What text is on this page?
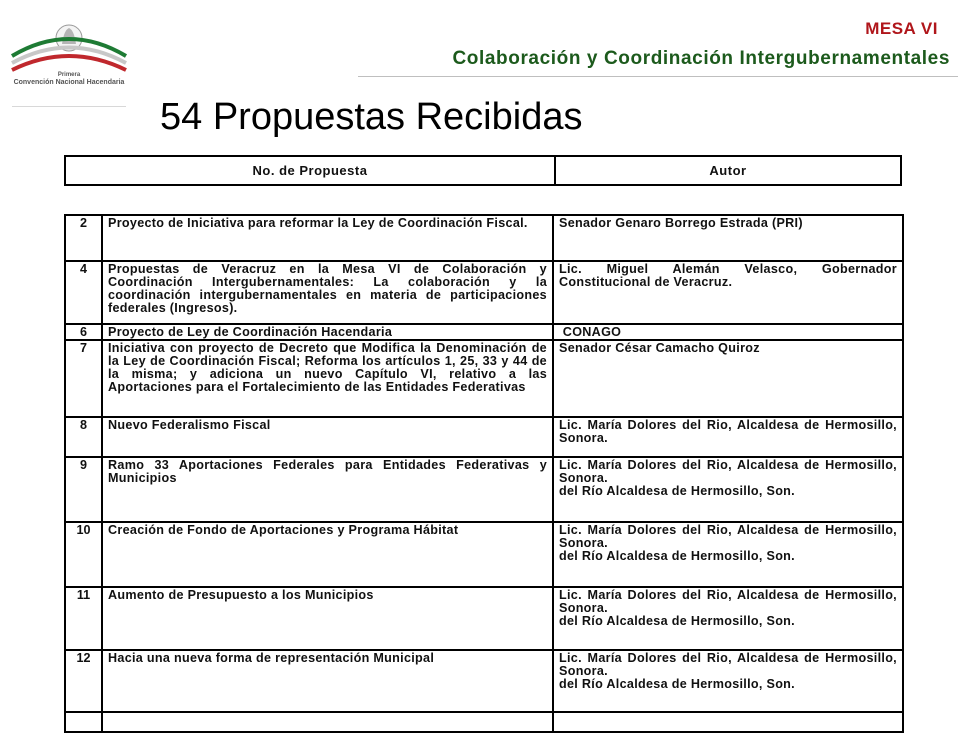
Primera
Convención Nacional Hacendaria
MESA VI
Colaboración y Coordinación Intergubernamentales
54 Propuestas Recibidas
No. de Propuesta	Autor
2	Proyecto de Iniciativa para reformar la Ley de Coordinación Fiscal.	Senador Genaro Borrego Estrada (PRI)

4	Propuestas de Veracruz en la Mesa VI de Colaboración y Coordinación Intergubernamentales: La colaboración y la coordinación intergubernamentales en materia de participaciones federales (Ingresos).	Lic. Miguel Alemán Velasco, Gobernador Constitucional de Veracruz.

6	Proyecto de Ley de Coordinación Hacendaria	CONAGO

7	Iniciativa con proyecto de Decreto que Modifica la Denominación de la Ley de Coordinación Fiscal; Reforma los artículos 1, 25, 33 y 44 de la misma; y adiciona un nuevo Capítulo VI, relativo a las Aportaciones para el Fortalecimiento de las Entidades Federativas	Senador César Camacho Quiroz

8	Nuevo Federalismo Fiscal	Lic. María Dolores del Rio, Alcaldesa de Hermosillo, Sonora.

9	Ramo 33 Aportaciones Federales para Entidades Federativas y Municipios	Lic. María Dolores del Rio, Alcaldesa de Hermosillo, Sonora.
del Río Alcaldesa de Hermosillo, Son.

10	Creación de Fondo de Aportaciones y Programa Hábitat	Lic. María Dolores del Rio, Alcaldesa de Hermosillo, Sonora.
del Río Alcaldesa de Hermosillo, Son.

11	Aumento de Presupuesto a los Municipios	Lic. María Dolores del Rio, Alcaldesa de Hermosillo, Sonora.
del Río Alcaldesa de Hermosillo, Son.

12	Hacia una nueva forma de representación Municipal	Lic. María Dolores del Rio, Alcaldesa de Hermosillo, Sonora.
del Río Alcaldesa de Hermosillo, Son.
